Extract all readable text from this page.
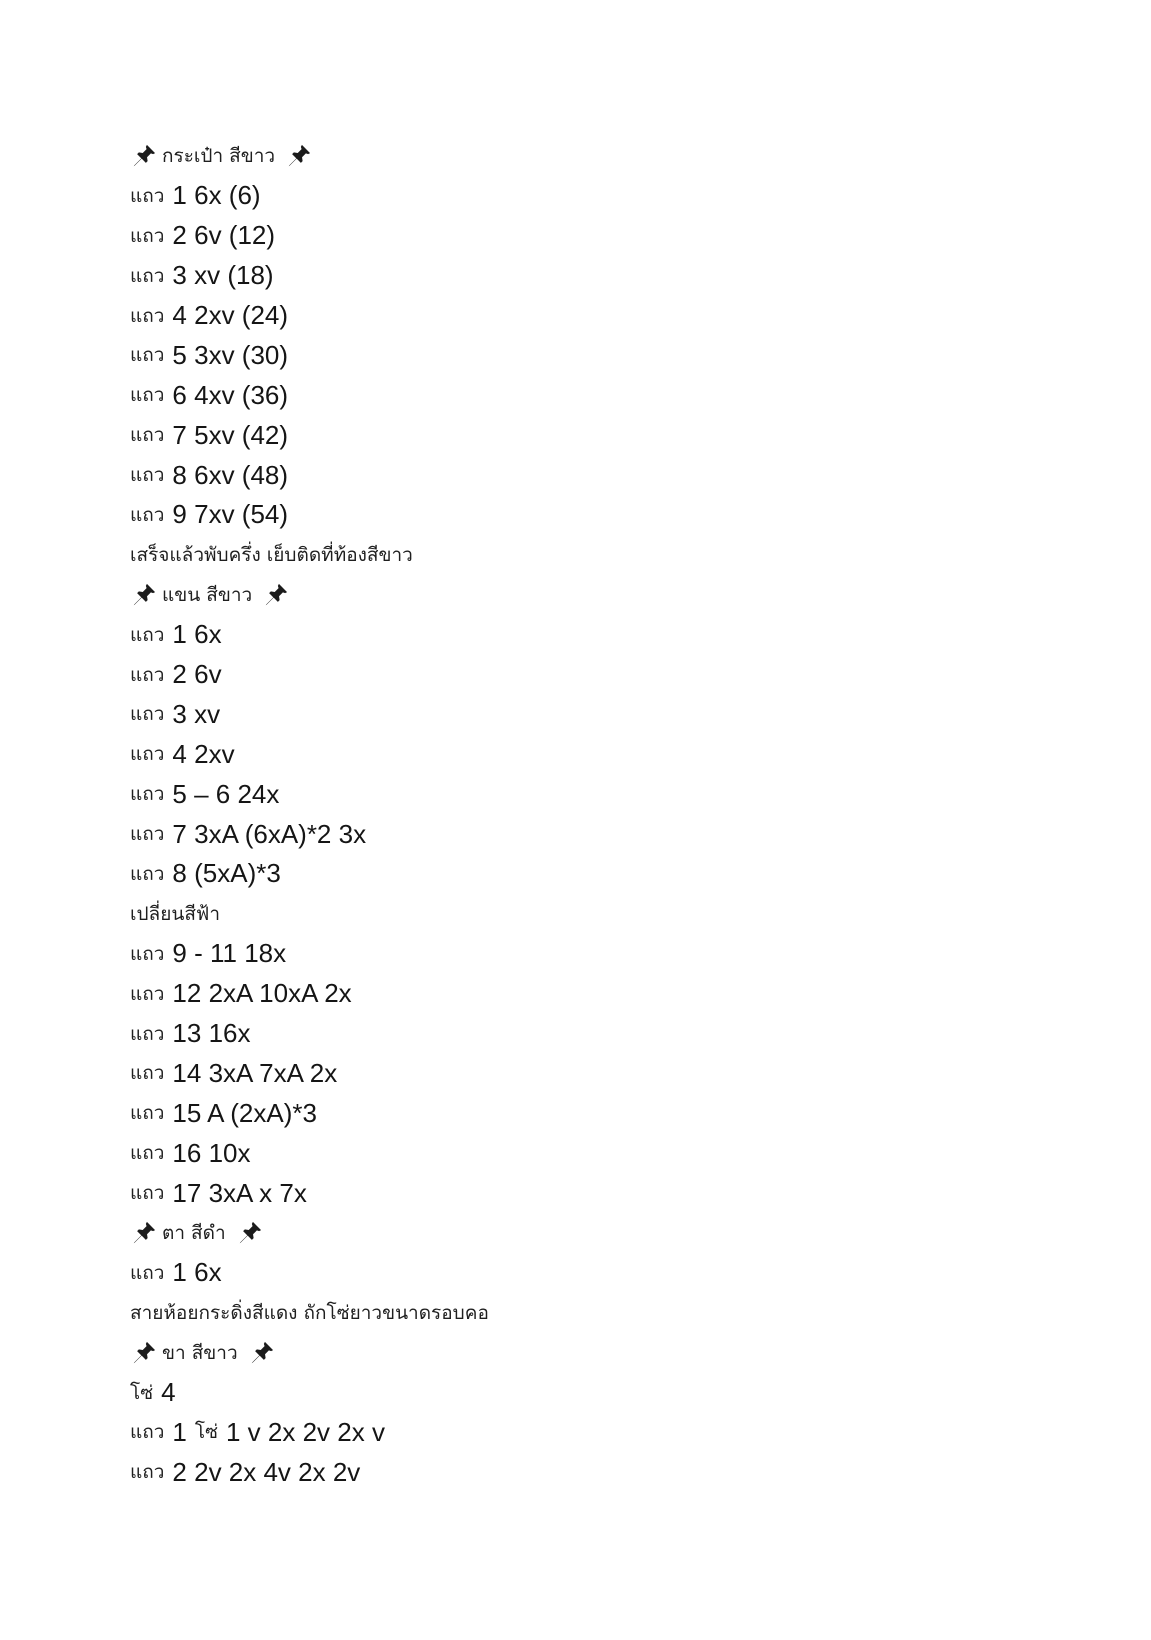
กระเป๋า สีขาว
แถว 1 6x (6)
แถว 2 6v (12)
แถว 3 xv (18)
แถว 4 2xv (24)
แถว 5 3xv (30)
แถว 6 4xv (36)
แถว 7 5xv (42)
แถว 8 6xv (48)
แถว 9 7xv (54)
เสร็จแล้วพับครึ่ง เย็บติดที่ท้องสีขาว
แขน สีขาว
แถว 1 6x
แถว 2 6v
แถว 3 xv
แถว 4 2xv
แถว 5 – 6 24x
แถว 7 3xA (6xA)*2 3x
แถว 8 (5xA)*3
เปลี่ยนสีฟ้า
แถว 9 - 11 18x
แถว 12 2xA 10xA 2x
แถว 13 16x
แถว 14 3xA 7xA 2x
แถว 15 A (2xA)*3
แถว 16 10x
แถว 17 3xA x 7x
ตา สีดำ
แถว 1 6x
สายห้อยกระดิ่งสีแดง ถักโซ่ยาวขนาดรอบคอ
ขา สีขาว
โซ่ 4
แถว 1 โซ่ 1 v 2x 2v 2x v
แถว 2 2v 2x 4v 2x 2v
